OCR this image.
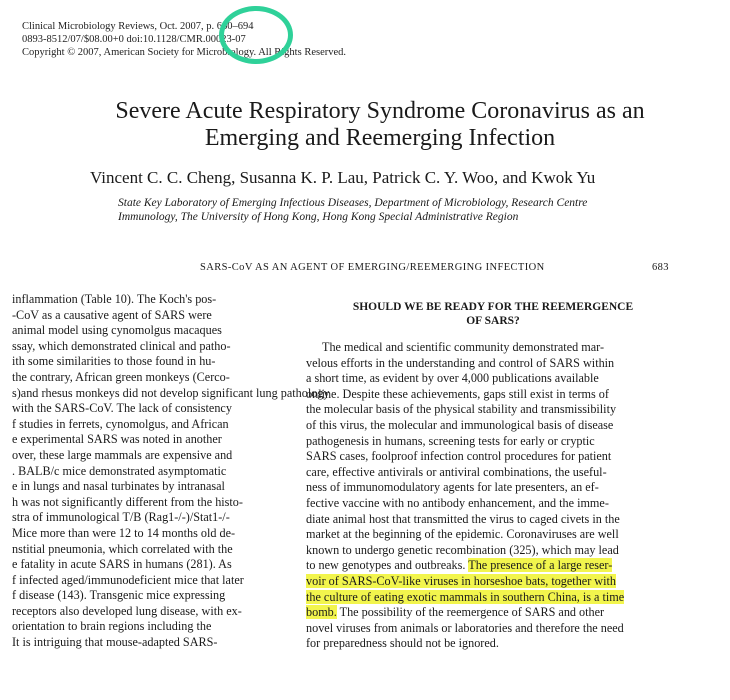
Clinical Microbiology Reviews, Oct. 2007, p. 660–694
0893-8512/07/$08.00+0 doi:10.1128/CMR.00023-07
Copyright © 2007, American Society for Microbiology. All Rights Reserved.
Severe Acute Respiratory Syndrome Coronavirus as an
Emerging and Reemerging Infection
Vincent C. C. Cheng, Susanna K. P. Lau, Patrick C. Y. Woo, and Kwok Yu
State Key Laboratory of Emerging Infectious Diseases, Department of Microbiology, Research Centre
Immunology, The University of Hong Kong, Hong Kong Special Administrative Region
SARS-CoV AS AN AGENT OF EMERGING/REEMERGING INFECTION	683
inflammation (Table 10). The Koch's pos-
-CoV as a causative agent of SARS were
animal model using cynomolgus macaques
ssay, which demonstrated clinical and patho-
ith some similarities to those found in hu-
the contrary, African green monkeys (Cerco-
s)and rhesus monkeys did not develop significant lung pathology
with the SARS-CoV. The lack of consistency
f studies in ferrets, cynomolgus, and African
e experimental SARS was noted in another
over, these large mammals are expensive and
. BALB/c mice demonstrated asymptomatic
e in lungs and nasal turbinates by intranasal
h was not significantly different from the histo-
stra of immunological T/B (Rag1-/-)/Stat1-/-
Mice more than were 12 to 14 months old de-
nstitial pneumonia, which correlated with the
e fatality in acute SARS in humans (281). As
f infected aged/immunodeficient mice that later
f disease (143). Transgenic mice expressing
receptors also developed lung disease, with ex-
orientation to brain regions including the
It is intriguing that mouse-adapted SARS-
SHOULD WE BE READY FOR THE REEMERGENCE
OF SARS?
The medical and scientific community demonstrated mar-
velous efforts in the understanding and control of SARS within
a short time, as evident by over 4,000 publications available
online. Despite these achievements, gaps still exist in terms of
the molecular basis of the physical stability and transmissibility
of this virus, the molecular and immunological basis of disease
pathogenesis in humans, screening tests for early or cryptic
SARS cases, foolproof infection control procedures for patient
care, effective antivirals or antiviral combinations, the useful-
ness of immunomodulatory agents for late presenters, an ef-
fective vaccine with no antibody enhancement, and the imme-
diate animal host that transmitted the virus to caged civets in the
market at the beginning of the epidemic. Coronaviruses are well
known to undergo genetic recombination (325), which may lead
to new genotypes and outbreaks. The presence of a large reser-
voir of SARS-CoV-like viruses in horseshoe bats, together with
the culture of eating exotic mammals in southern China, is a time
bomb. The possibility of the reemergence of SARS and other
novel viruses from animals or laboratories and therefore the need
for preparedness should not be ignored.
